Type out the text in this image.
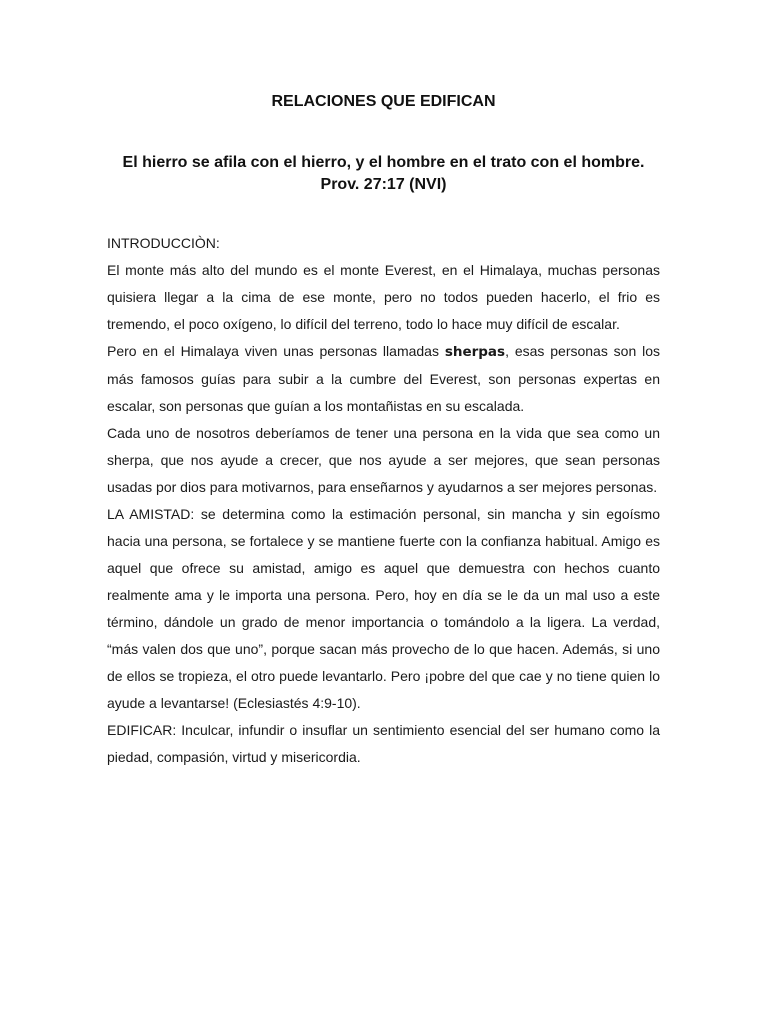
RELACIONES QUE EDIFICAN
El hierro se afila con el hierro, y el hombre en el trato con el hombre. Prov. 27:17 (NVI)
INTRODUCCIÒN:

El monte más alto del mundo es el monte Everest, en el Himalaya, muchas personas quisiera llegar a la cima de ese monte, pero no todos pueden hacerlo, el frio es tremendo, el poco oxígeno, lo difícil del terreno, todo lo hace muy difícil de escalar.

Pero en el Himalaya viven unas personas llamadas sherpas, esas personas son los más famosos guías para subir a la cumbre del Everest, son personas expertas en escalar, son personas que guían a los montañistas en su escalada.

Cada uno de nosotros deberíamos de tener una persona en la vida que sea como un sherpa, que nos ayude a crecer, que nos ayude a ser mejores, que sean personas usadas por dios para motivarnos, para enseñarnos y ayudarnos a ser mejores personas.

LA AMISTAD: se determina como la estimación personal, sin mancha y sin egoísmo hacia una persona, se fortalece y se mantiene fuerte con la confianza habitual. Amigo es aquel que ofrece su amistad, amigo es aquel que demuestra con hechos cuanto realmente ama y le importa una persona. Pero, hoy en día se le da un mal uso a este término, dándole un grado de menor importancia o tomándolo a la ligera. La verdad, “más valen dos que uno”, porque sacan más provecho de lo que hacen. Además, si uno de ellos se tropieza, el otro puede levantarlo. Pero ¡pobre del que cae y no tiene quien lo ayude a levantarse! (Eclesiastés 4:9-10).

EDIFICAR: Inculcar, infundir o insuflar un sentimiento esencial del ser humano como la piedad, compasión, virtud y misericordia.
